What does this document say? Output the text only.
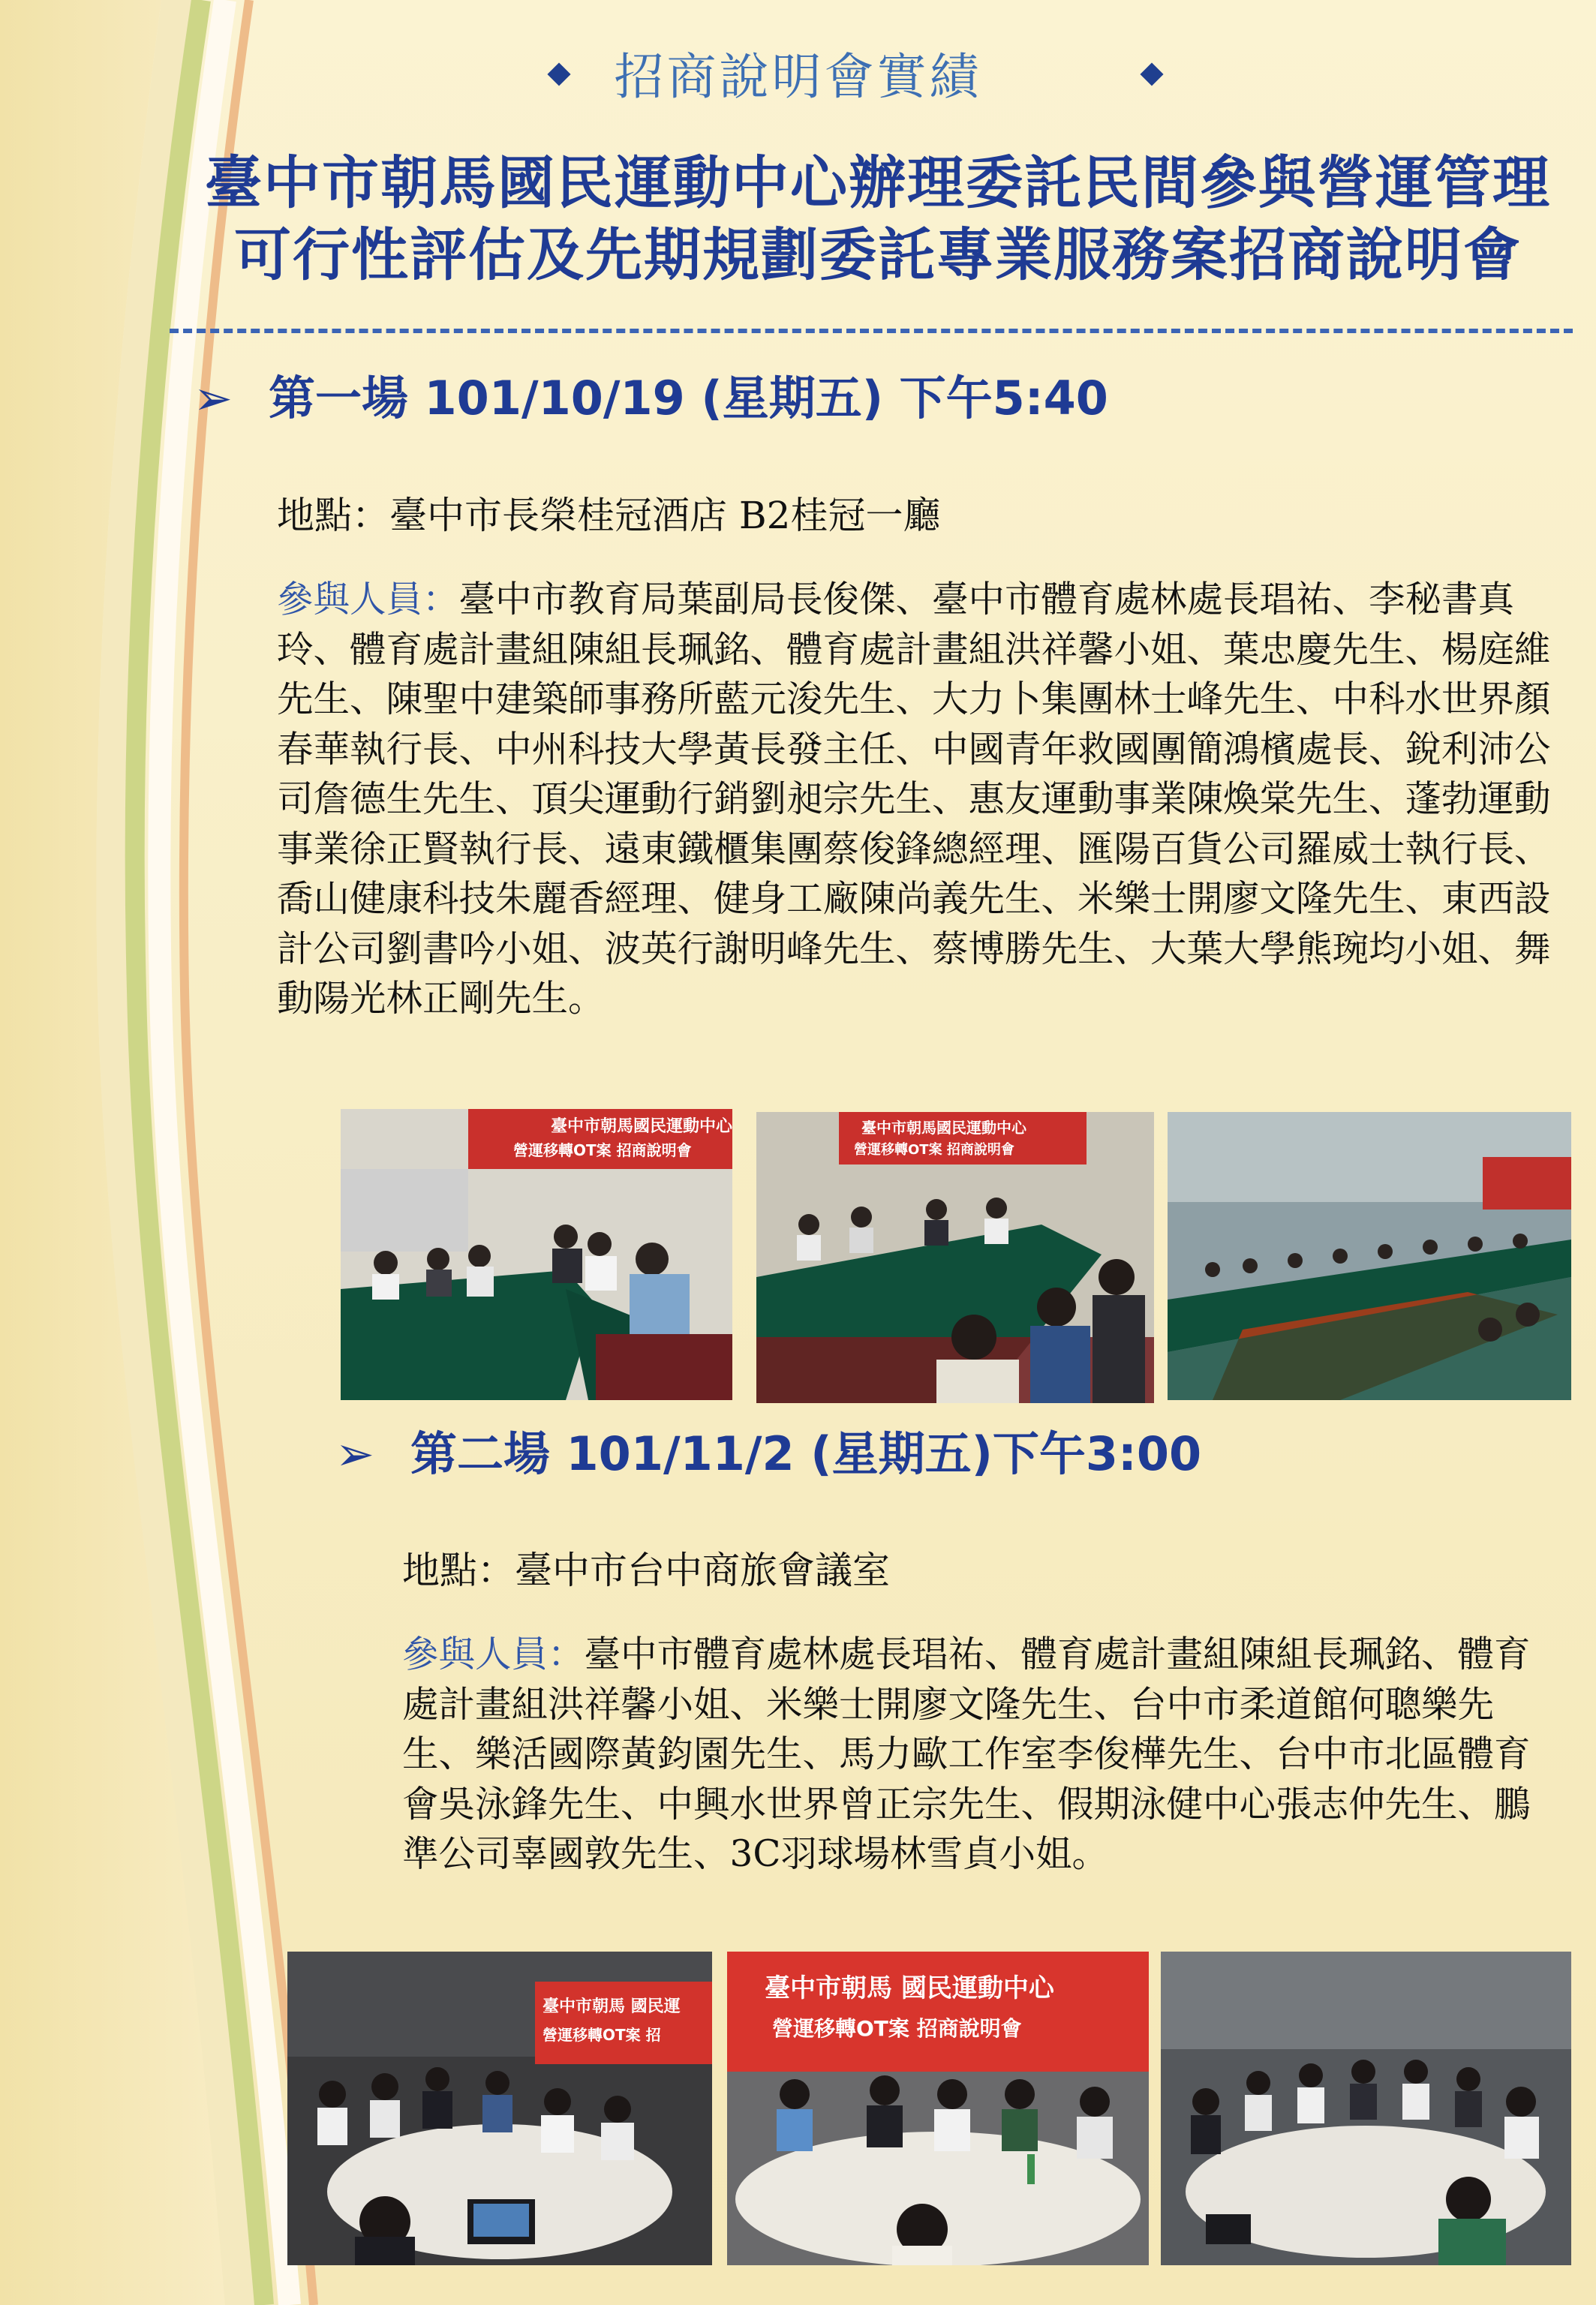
招商說明會實績
臺中市朝馬國民運動中心辦理委託民間參與營運管理
可行性評估及先期規劃委託專業服務案招商說明會
➢ 第一場 101/10/19 (星期五) 下午5:40
地點：臺中市長榮桂冠酒店 B2桂冠一廳
參與人員：臺中市教育局葉副局長俊傑、臺中市體育處林處長琩祐、李秘書真玲、體育處計畫組陳組長珮銘、體育處計畫組洪祥馨小姐、葉忠慶先生、楊庭維先生、陳聖中建築師事務所藍元浚先生、大力卜集團林士峰先生、中科水世界顏春華執行長、中州科技大學黃長發主任、中國青年救國團簡鴻檳處長、銳利沛公司詹德生先生、頂尖運動行銷劉昶宗先生、惠友運動事業陳煥棠先生、蓬勃運動事業徐正賢執行長、遠東鐵櫃集團蔡俊鋒總經理、匯陽百貨公司羅威士執行長、喬山健康科技朱麗香經理、健身工廠陳尚義先生、米樂士開廖文隆先生、東西設計公司劉書吟小姐、波英行謝明峰先生、蔡博勝先生、大葉大學熊琬均小姐、舞動陽光林正剛先生。
臺中市朝馬國民運動中心
營運移轉OT案 招商說明會
臺中市朝馬國民運動中心
營運移轉OT案 招商說明會
➢ 第二場 101/11/2 (星期五)下午3:00
地點：臺中市台中商旅會議室
參與人員：臺中市體育處林處長琩祐、體育處計畫組陳組長珮銘、體育處計畫組洪祥馨小姐、米樂士開廖文隆先生、台中市柔道館何聰樂先生、樂活國際黃鈞園先生、馬力歐工作室李俊樺先生、台中市北區體育會吳泳鋒先生、中興水世界曾正宗先生、假期泳健中心張志仲先生、鵬準公司辜國敦先生、3C羽球場林雪貞小姐。
臺中市朝馬 國民運
營運移轉OT案 招
臺中市朝馬 國民運動中心
營運移轉OT案 招商說明會
